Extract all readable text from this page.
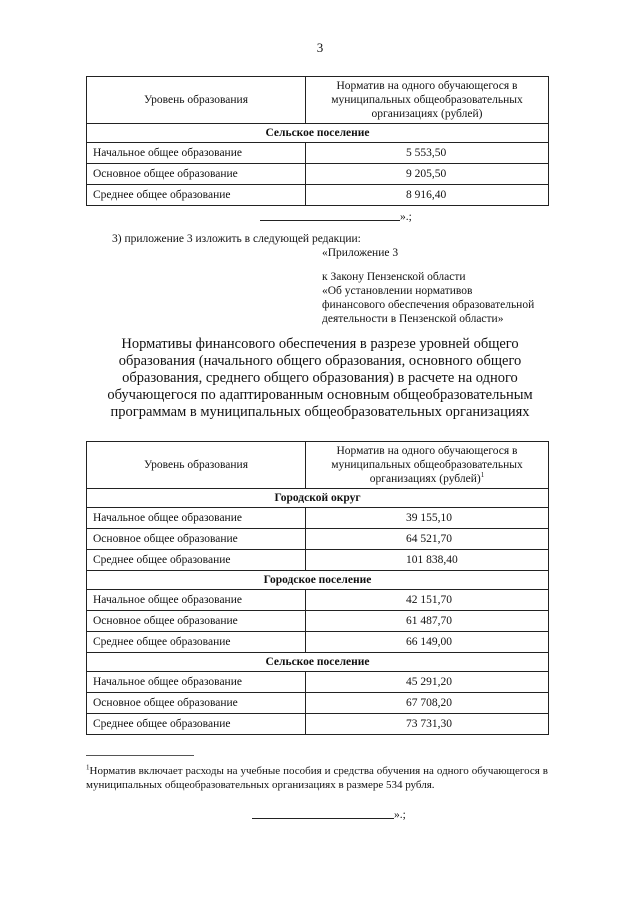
3
Уровень образования	Норматив на одного обучающегося в муниципальных общеобразовательных организациях (рублей)
Сельское поселение	
Начальное общее образование	5 553,50
Основное общее образование	9 205,50
Среднее общее образование	8 916,40
».;
3) приложение 3 изложить в следующей редакции:
«Приложение 3
к Закону Пензенской области
«Об установлении нормативов
финансового обеспечения образовательной
деятельности в Пензенской области»
Нормативы финансового обеспечения в разрезе уровней общего образования (начального общего образования, основного общего образования, среднего общего образования) в расчете на одного обучающегося по адаптированным основным общеобразовательным программам в муниципальных общеобразовательных организациях
Уровень образования	Норматив на одного обучающегося в муниципальных общеобразовательных организациях (рублей)$^1$
Городской округ	
Начальное общее образование	39 155,10
Основное общее образование	64 521,70
Среднее общее образование	101 838,40
Городское поселение	
Начальное общее образование	42 151,70
Основное общее образование	61 487,70
Среднее общее образование	66 149,00
Сельское поселение	
Начальное общее образование	45 291,20
Основное общее образование	67 708,20
Среднее общее образование	73 731,30
$^1$Норматив включает расходы на учебные пособия и средства обучения на одного обучающегося в муниципальных общеобразовательных организациях в размере 534 рубля.
».;
